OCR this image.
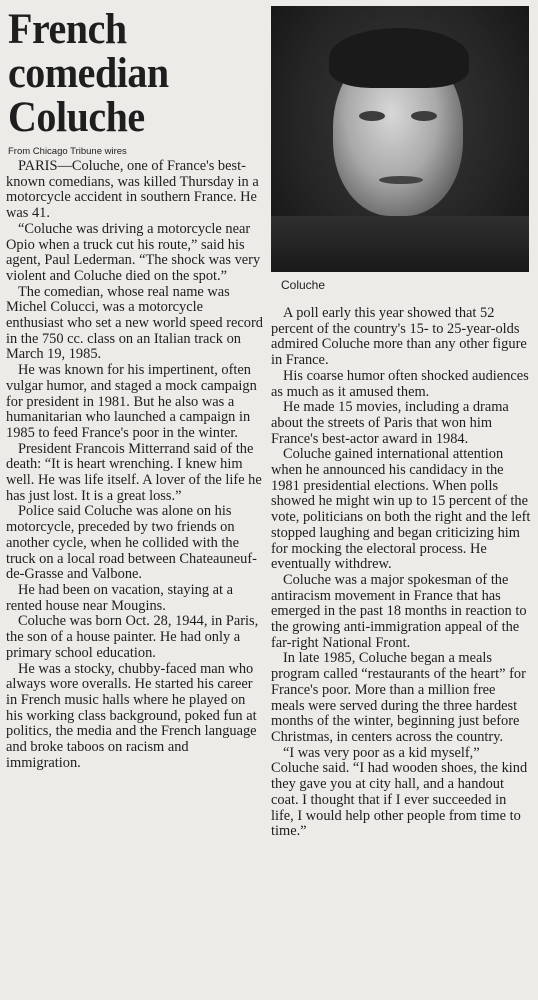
French
comedian
Coluche
From Chicago Tribune wires

PARIS—Coluche, one of France's best-known comedians, was killed Thursday in a motorcycle accident in southern France. He was 41.

“Coluche was driving a motorcycle near Opio when a truck cut his route,” said his agent, Paul Lederman. “The shock was very violent and Coluche died on the spot.”

The comedian, whose real name was Michel Colucci, was a motorcycle enthusiast who set a new world speed record in the 750 cc. class on an Italian track on March 19, 1985.

He was known for his impertinent, often vulgar humor, and staged a mock campaign for president in 1981. But he also was a humanitarian who launched a campaign in 1985 to feed France's poor in the winter.

President Francois Mitterrand said of the death: “It is heart wrenching. I knew him well. He was life itself. A lover of the life he has just lost. It is a great loss.”

Police said Coluche was alone on his motorcycle, preceded by two friends on another cycle, when he collided with the truck on a local road between Chateauneuf-de-Grasse and Valbone.

He had been on vacation, staying at a rented house near Mougins.

Coluche was born Oct. 28, 1944, in Paris, the son of a house painter. He had only a primary school education.

He was a stocky, chubby-faced man who always wore overalls. He started his career in French music halls where he played on his working class background, poked fun at politics, the media and the French language and broke taboos on racism and immigration.

Coluche

A poll early this year showed that 52 percent of the country's 15- to 25-year-olds admired Coluche more than any other figure in France.

His coarse humor often shocked audiences as much as it amused them.

He made 15 movies, including a drama about the streets of Paris that won him France's best-actor award in 1984.

Coluche gained international attention when he announced his candidacy in the 1981 presidential elections. When polls showed he might win up to 15 percent of the vote, politicians on both the right and the left stopped laughing and began criticizing him for mocking the electoral process. He eventually withdrew.

Coluche was a major spokesman of the antiracism movement in France that has emerged in the past 18 months in reaction to the growing anti-immigration appeal of the far-right National Front.

In late 1985, Coluche began a meals program called “restaurants of the heart” for France's poor. More than a million free meals were served during the three hardest months of the winter, beginning just before Christmas, in centers across the country.

“I was very poor as a kid myself,” Coluche said. “I had wooden shoes, the kind they gave you at city hall, and a handout coat. I thought that if I ever succeeded in life, I would help other people from time to time.”
